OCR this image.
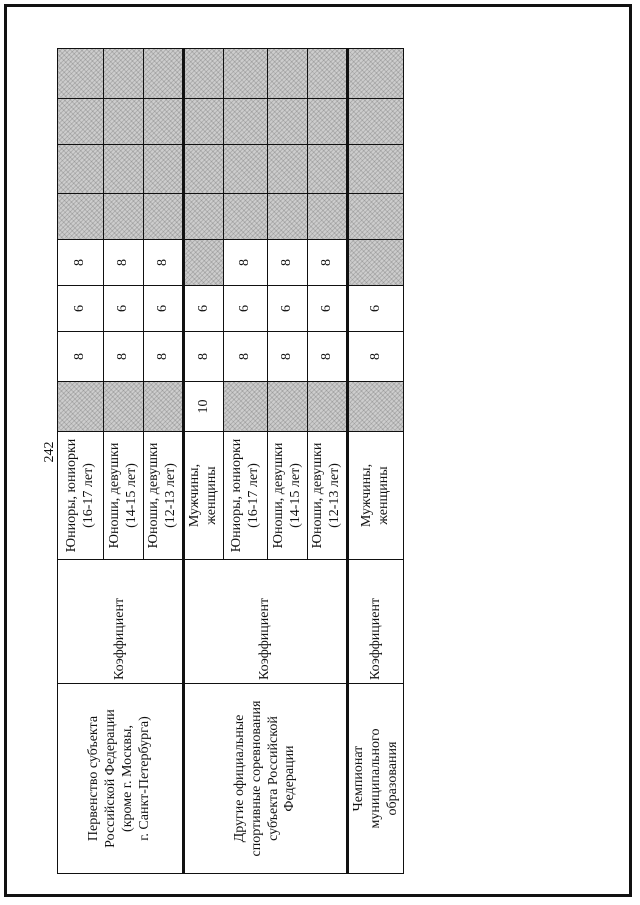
242
Первенство субъекта Российской Федерации (кроме г. Москвы, г. Санкт-Петербурга)	Коэффициент	Юниоры, юниорки (16-17 лет)		8	6	8				
		Юноши, девушки (14-15 лет)		8	6	8				
		Юноши, девушки (12-13 лет)		8	6	8				
Другие официальные спортивные соревнования субъекта Российской Федерации	Коэффициент	Мужчины, женщины	10	8	6					
		Юниоры, юниорки (16-17 лет)		8	6	8				
		Юноши, девушки (14-15 лет)		8	6	8				
		Юноши, девушки (12-13 лет)		8	6	8				
Чемпионат муниципального образования	Коэффициент	Мужчины, женщины		8	6					
